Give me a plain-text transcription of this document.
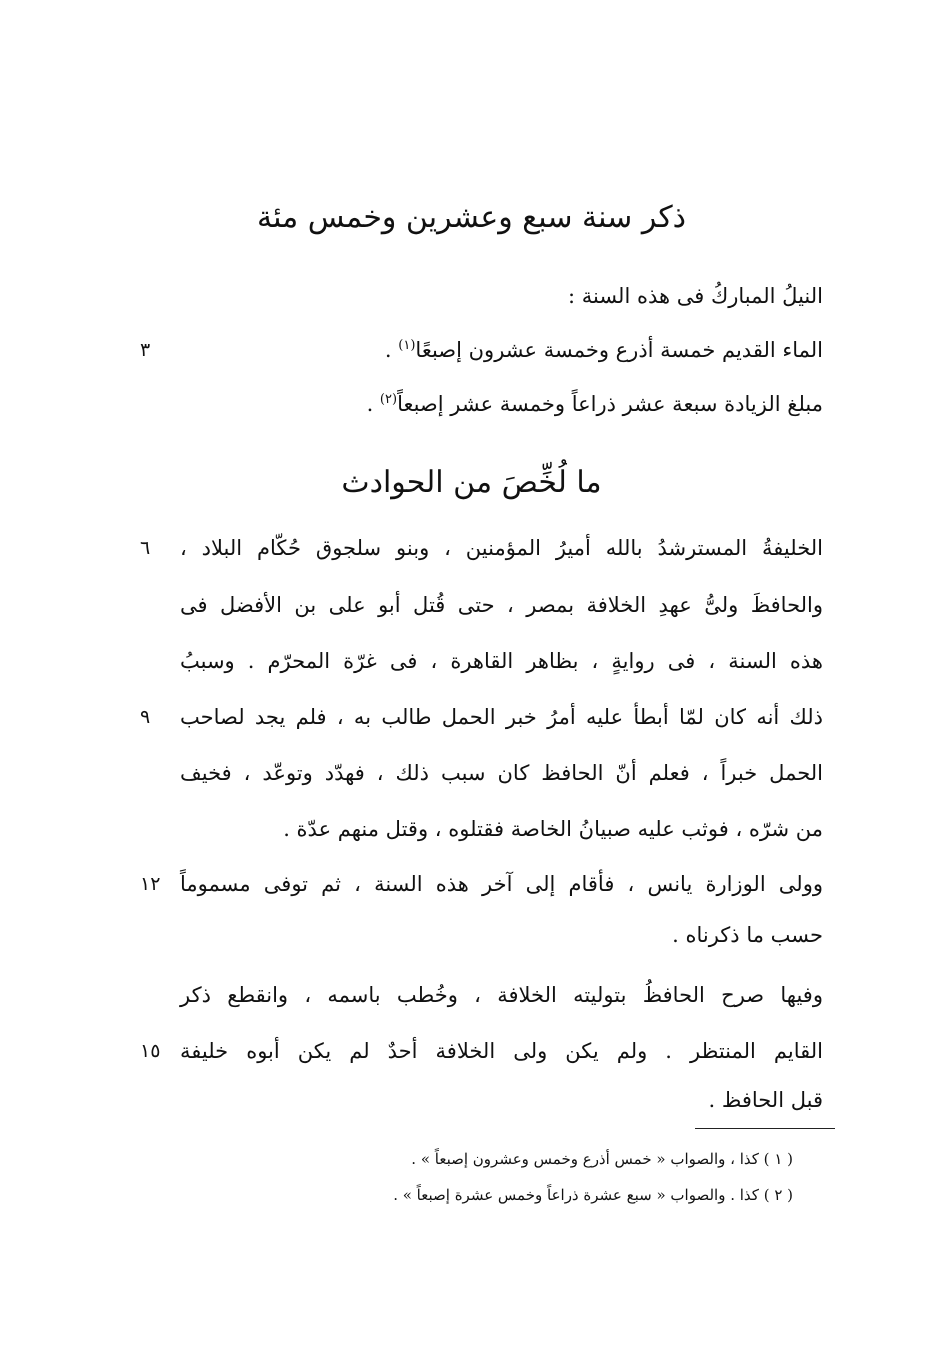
ذكر سنة سبع وعشرين وخمس مئة
النيلُ المباركُ فى هذه السنة :
الماء القديم خمسة أذرع وخمسة عشرون إصبعًا$^{(١)}$ .
٣
مبلغ الزيادة سبعة عشر ذراعاً وخمسة عشر إصبعاً$^{(٢)}$ .
ما لُخِّصَ من الحوادث
الخليفةُ المسترشدُ بالله أميرُ المؤمنين ، وبنو سلجوق حُكّام البلاد ،
٦
والحافظَ ولىُّ عهدِ الخلافة بمصر ، حتى قُتل أبو على بن الأفضل فى
هذه السنة ، فى روايةٍ ، بظاهر القاهرة ، فى غرّة المحرّم . وسببُ
ذلك أنه كان لمّا أبطأ عليه أمرُ خبر الحمل طالب به ، فلم يجد لصاحب
٩
الحمل خبراً ، فعلم أنّ الحافظ كان سبب ذلك ، فهدّد وتوعّد ، فخيف
من شرّه ، فوثب عليه صبيانُ الخاصة فقتلوه ، وقتل منهم عدّة .
وولى الوزارة يانس ، فأقام إلى آخر هذه السنة ، ثم توفى مسموماً
١٢
حسب ما ذكرناه .
وفيها صرح الحافظُ بتوليته الخلافة ، وخُطب باسمه ، وانقطع ذكر
القايم المنتظر . ولم يكن ولى الخلافة أحدٌ لم يكن أبوه خليفة
١٥
قبل الحافظ .
( ١ ) كذا ، والصواب « خمس أذرع وخمس وعشرون إصبعاً » .
( ٢ ) كذا . والصواب « سبع عشرة ذراعاً وخمس عشرة إصبعاً » .
